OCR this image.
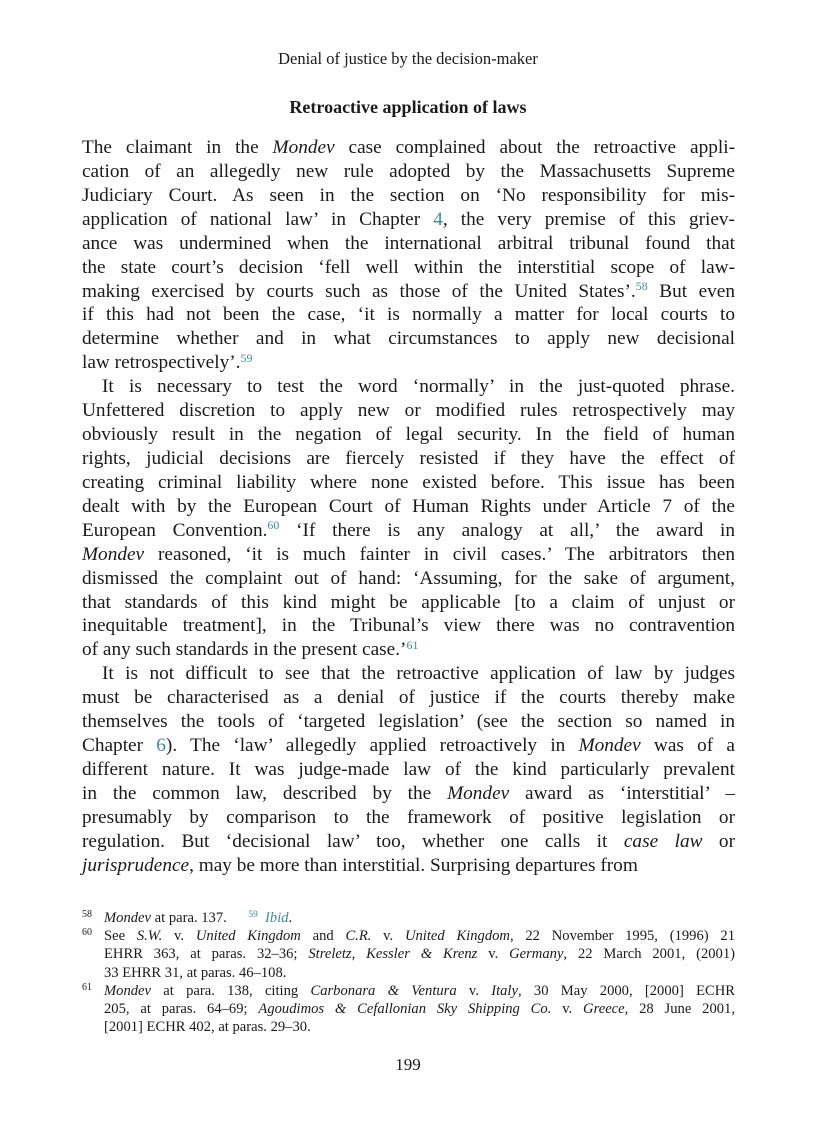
Denial of justice by the decision-maker
Retroactive application of laws
The claimant in the Mondev case complained about the retroactive appli-
cation of an allegedly new rule adopted by the Massachusetts Supreme
Judiciary Court. As seen in the section on ‘No responsibility for mis-
application of national law’ in Chapter 4, the very premise of this griev-
ance was undermined when the international arbitral tribunal found that
the state court’s decision ‘fell well within the interstitial scope of law-
making exercised by courts such as those of the United States’.$^{58}$ But even
if this had not been the case, ‘it is normally a matter for local courts to
determine whether and in what circumstances to apply new decisional
law retrospectively’.$^{59}$
It is necessary to test the word ‘normally’ in the just-quoted phrase.
Unfettered discretion to apply new or modified rules retrospectively may
obviously result in the negation of legal security. In the field of human
rights, judicial decisions are fiercely resisted if they have the effect of
creating criminal liability where none existed before. This issue has been
dealt with by the European Court of Human Rights under Article 7 of the
European Convention.$^{60}$ ‘If there is any analogy at all,’ the award in
Mondev reasoned, ‘it is much fainter in civil cases.’ The arbitrators then
dismissed the complaint out of hand: ‘Assuming, for the sake of argument,
that standards of this kind might be applicable [to a claim of unjust or
inequitable treatment], in the Tribunal’s view there was no contravention
of any such standards in the present case.’$^{61}$
It is not difficult to see that the retroactive application of law by judges
must be characterised as a denial of justice if the courts thereby make
themselves the tools of ‘targeted legislation’ (see the section so named in
Chapter 6). The ‘law’ allegedly applied retroactively in Mondev was of a
different nature. It was judge-made law of the kind particularly prevalent
in the common law, described by the Mondev award as ‘interstitial’ –
presumably by comparison to the framework of positive legislation or
regulation. But ‘decisional law’ too, whether one calls it case law or
jurisprudence, may be more than interstitial. Surprising departures from
58 Mondev at para. 137.      $^{59}$ Ibid.
60 See S.W. v. United Kingdom and C.R. v. United Kingdom, 22 November 1995, (1996) 21
EHRR 363, at paras. 32–36; Streletz, Kessler & Krenz v. Germany, 22 March 2001, (2001)
33 EHRR 31, at paras. 46–108.
61 Mondev at para. 138, citing Carbonara & Ventura v. Italy, 30 May 2000, [2000] ECHR
205, at paras. 64–69; Agoudimos & Cefallonian Sky Shipping Co. v. Greece, 28 June 2001,
[2001] ECHR 402, at paras. 29–30.
199
